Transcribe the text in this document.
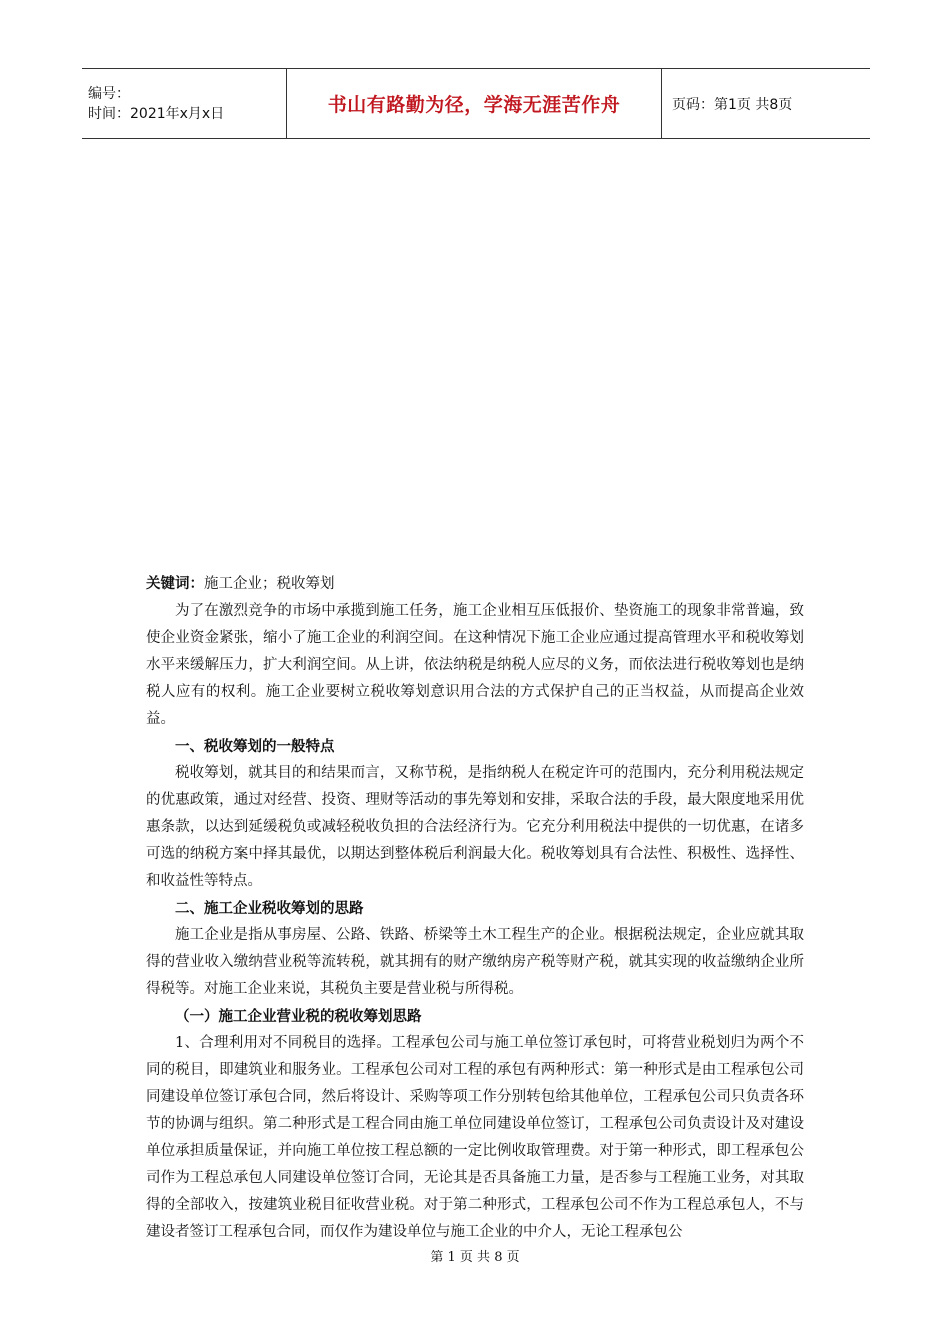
编号：
时间：2021年x月x日	书山有路勤为径，学海无涯苦作舟	页码：第1页 共8页

关键词：施工企业；税收筹划

为了在激烈竞争的市场中承揽到施工任务，施工企业相互压低报价、垫资施工的现象非常普遍，致使企业资金紧张，缩小了施工企业的利润空间。在这种情况下施工企业应通过提高管理水平和税收筹划水平来缓解压力，扩大利润空间。从上讲，依法纳税是纳税人应尽的义务，而依法进行税收筹划也是纳税人应有的权利。施工企业要树立税收筹划意识用合法的方式保护自己的正当权益，从而提高企业效益。

一、税收筹划的一般特点

税收筹划，就其目的和结果而言，又称节税，是指纳税人在税定许可的范围内，充分利用税法规定的优惠政策，通过对经营、投资、理财等活动的事先筹划和安排，采取合法的手段，最大限度地采用优惠条款，以达到延缓税负或减轻税收负担的合法经济行为。它充分利用税法中提供的一切优惠，在诸多可选的纳税方案中择其最优，以期达到整体税后利润最大化。税收筹划具有合法性、积极性、选择性、和收益性等特点。

二、施工企业税收筹划的思路

施工企业是指从事房屋、公路、铁路、桥梁等土木工程生产的企业。根据税法规定，企业应就其取得的营业收入缴纳营业税等流转税，就其拥有的财产缴纳房产税等财产税，就其实现的收益缴纳企业所得税等。对施工企业来说，其税负主要是营业税与所得税。

（一）施工企业营业税的税收筹划思路

1、合理利用对不同税目的选择。工程承包公司与施工单位签订承包时，可将营业税划归为两个不同的税目，即建筑业和服务业。工程承包公司对工程的承包有两种形式：第一种形式是由工程承包公司同建设单位签订承包合同，然后将设计、采购等项工作分别转包给其他单位，工程承包公司只负责各环节的协调与组织。第二种形式是工程合同由施工单位同建设单位签订，工程承包公司负责设计及对建设单位承担质量保证，并向施工单位按工程总额的一定比例收取管理费。对于第一种形式，即工程承包公司作为工程总承包人同建设单位签订合同，无论其是否具备施工力量，是否参与工程施工业务，对其取得的全部收入，按建筑业税目征收营业税。对于第二种形式，工程承包公司不作为工程总承包人，不与建设者签订工程承包合同，而仅作为建设单位与施工企业的中介人，无论工程承包公

第 1 页 共 8 页
